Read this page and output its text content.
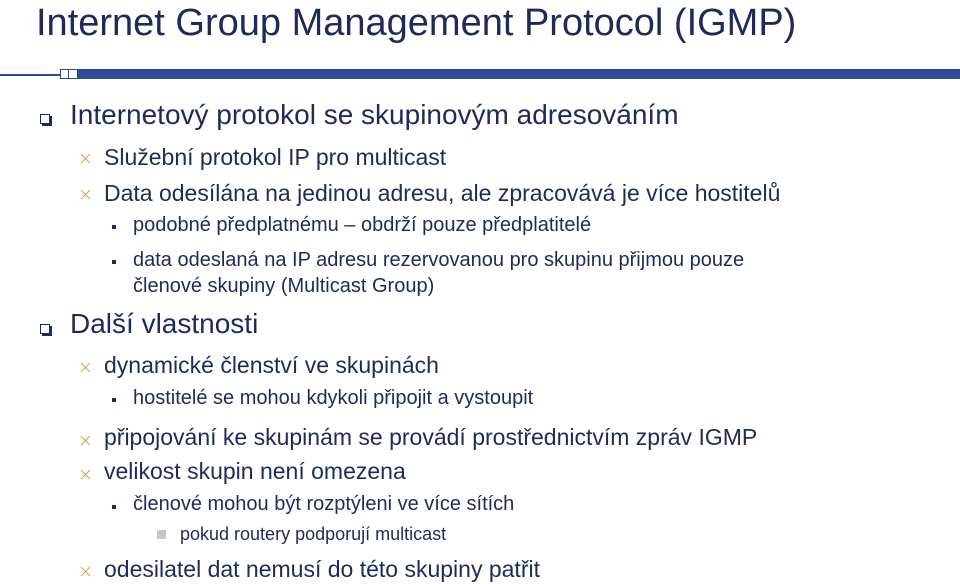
Internet Group Management Protocol (IGMP)
Internetový protokol se skupinovým adresováním
Služební protokol IP pro multicast
Data odesílána na jedinou adresu, ale zpracovává je více hostitelů
podobné předplatnému – obdrží pouze předplatitelé
data odeslaná na IP adresu rezervovanou pro skupinu přijmou pouze
členové skupiny (Multicast Group)
Další vlastnosti
dynamické členství ve skupinách
hostitelé se mohou kdykoli připojit a vystoupit
připojování ke skupinám se provádí prostřednictvím zpráv IGMP
velikost skupin není omezena
členové mohou být rozptýleni ve více sítích
pokud routery podporují multicast
odesilatel dat nemusí do této skupiny patřit
